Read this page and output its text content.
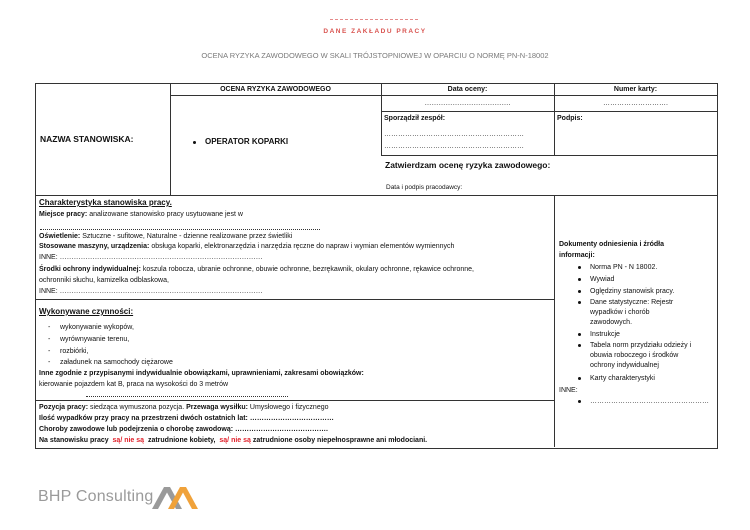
DANE ZAKŁADU PRACY
OCENA RYZYKA ZAWODOWEGO W SKALI TRÓJSTOPNIOWEJ W OPARCIU O NORMĘ PN-N-18002
NAZWA STANOWISKA:
OCENA RYZYKA ZAWODOWEGO
OPERATOR KOPARKI
Data oceny:
……………………………….
Numer karty:
……………………….
Sporządził zespół:
……………………………………………………
……………………………………………………
Podpis:
Zatwierdzam ocenę ryzyka zawodowego:
Data i podpis pracodawcy:
Charakterystyka stanowiska pracy.
Miejsce pracy: analizowane stanowisko pracy usytuowane jest w
Oświetlenie: Sztuczne - sufitowe, Naturalne - dzienne realizowane przez świetliki
Stosowane maszyny, urządzenia: obsługa koparki, elektronarzędzia i narzędzia ręczne do napraw i wymian elementów wymiennych
INNE: ……………………………………………………………………………
Środki ochrony indywidualnej: koszula robocza, ubranie ochronne, obuwie ochronne, bezrękawnik, okulary ochronne, rękawice ochronne,
ochronniki słuchu, kamizelka odblaskowa,
INNE: ……………………………………………………………………………
Wykonywane czynności:
- wykonywanie wykopów,
- wyrównywanie terenu,
- rozbiórki,
- załadunek na samochody ciężarowe
Inne zgodnie z przypisanymi indywidualnie obowiązkami, uprawnieniami, zakresami obowiązków:
kierowanie pojazdem kat B, praca na wysokości do 3 metrów
Pozycja pracy: siedząca wymuszona pozycja. Przewaga wysiłku: Umysłowego i fizycznego
Ilość wypadków przy pracy na przestrzeni dwóch ostatnich lat: ………………………………
Choroby zawodowe lub podejrzenia o chorobę zawodową: ………………………………….
Na stanowisku pracy są/ nie są zatrudnione kobiety, są/ nie są zatrudnione osoby niepełnosprawne ani młodociani.
Dokumenty odniesienia i źródła
informacji:
Norma PN - N 18002.
Wywiad
Oględziny stanowisk pracy.
Dane statystyczne: Rejestr
wypadków i chorób
zawodowych.
Instrukcje
Tabela norm przydziału odzieży i
obuwia roboczego i środków
ochrony indywidualnej
Karty charakterystyki
INNE:
……………………………………………
BHP Consulting
